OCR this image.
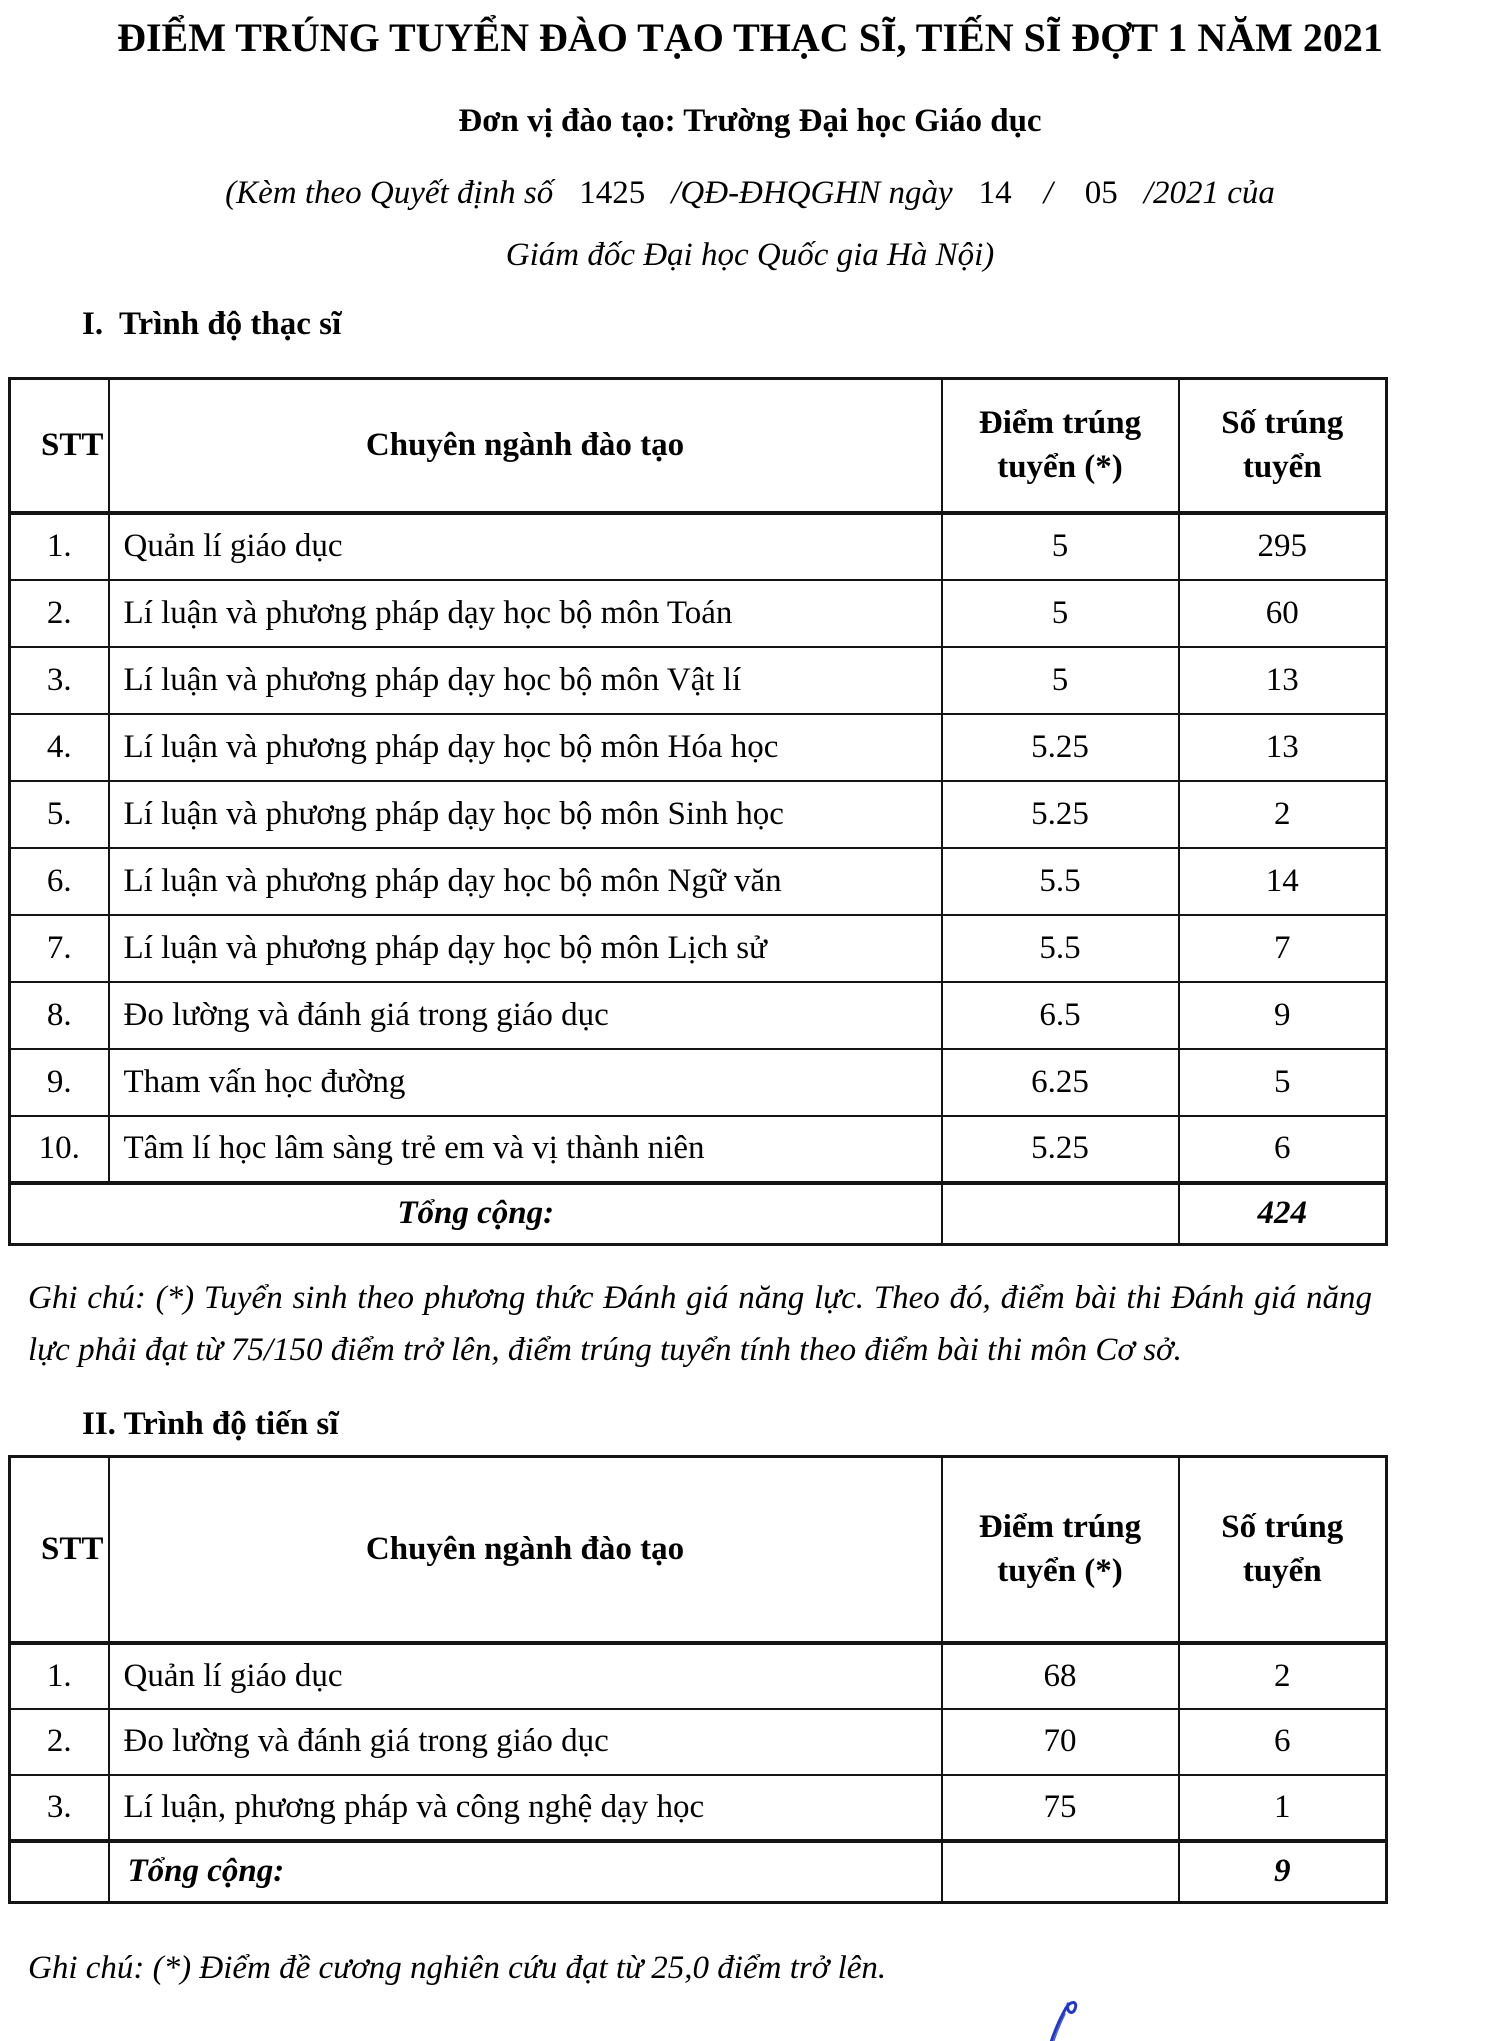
ĐIỂM TRÚNG TUYỂN ĐÀO TẠO THẠC SĨ, TIẾN SĨ ĐỢT 1 NĂM 2021
Đơn vị đào tạo: Trường Đại học Giáo dục

(Kèm theo Quyết định số 1425 /QĐ-ĐHQGHN ngày 14 / 05 /2021 của

Giám đốc Đại học Quốc gia Hà Nội)

I.  Trình độ thạc sĩ
STT	Chuyên ngành đào tạo	Điểm trúng tuyển (*)	Số trúng tuyển
1.	Quản lí giáo dục	5	295
2.	Lí luận và phương pháp dạy học bộ môn Toán	5	60
3.	Lí luận và phương pháp dạy học bộ môn Vật lí	5	13
4.	Lí luận và phương pháp dạy học bộ môn Hóa học	5.25	13
5.	Lí luận và phương pháp dạy học bộ môn Sinh học	5.25	2
6.	Lí luận và phương pháp dạy học bộ môn Ngữ văn	5.5	14
7.	Lí luận và phương pháp dạy học bộ môn Lịch sử	5.5	7
8.	Đo lường và đánh giá trong giáo dục	6.5	9
9.	Tham vấn học đường	6.25	5
10.	Tâm lí học lâm sàng trẻ em và vị thành niên	5.25	6
Tổng cộng:			424

Ghi chú: (*) Tuyển sinh theo phương thức Đánh giá năng lực. Theo đó, điểm bài thi Đánh giá năng lực phải đạt từ 75/150 điểm trở lên, điểm trúng tuyển tính theo điểm bài thi môn Cơ sở.

II. Trình độ tiến sĩ
STT	Chuyên ngành đào tạo	Điểm trúng tuyển (*)	Số trúng tuyển
1.	Quản lí giáo dục	68	2
2.	Đo lường và đánh giá trong giáo dục	70	6
3.	Lí luận, phương pháp và công nghệ dạy học	75	1
	Tổng cộng:		9

Ghi chú: (*) Điểm đề cương nghiên cứu đạt từ 25,0 điểm trở lên.
